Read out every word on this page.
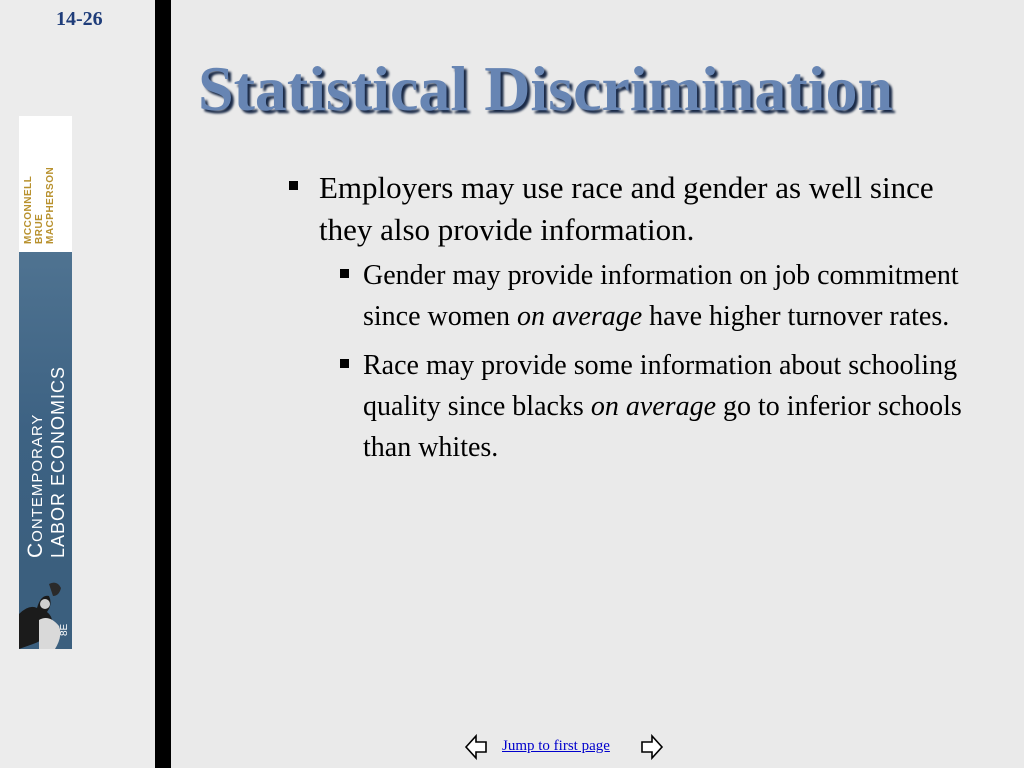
14-26
MCCONNELL BRUE MACPHERSON
Contemporary LABOR ECONOMICS
8E
Statistical Discrimination
Employers may use race and gender as well since they also provide information.
Gender may provide information on job commitment since women on average have higher turnover rates.
Race may provide some information about schooling quality since blacks on average go to inferior schools than whites.
Jump to first page
